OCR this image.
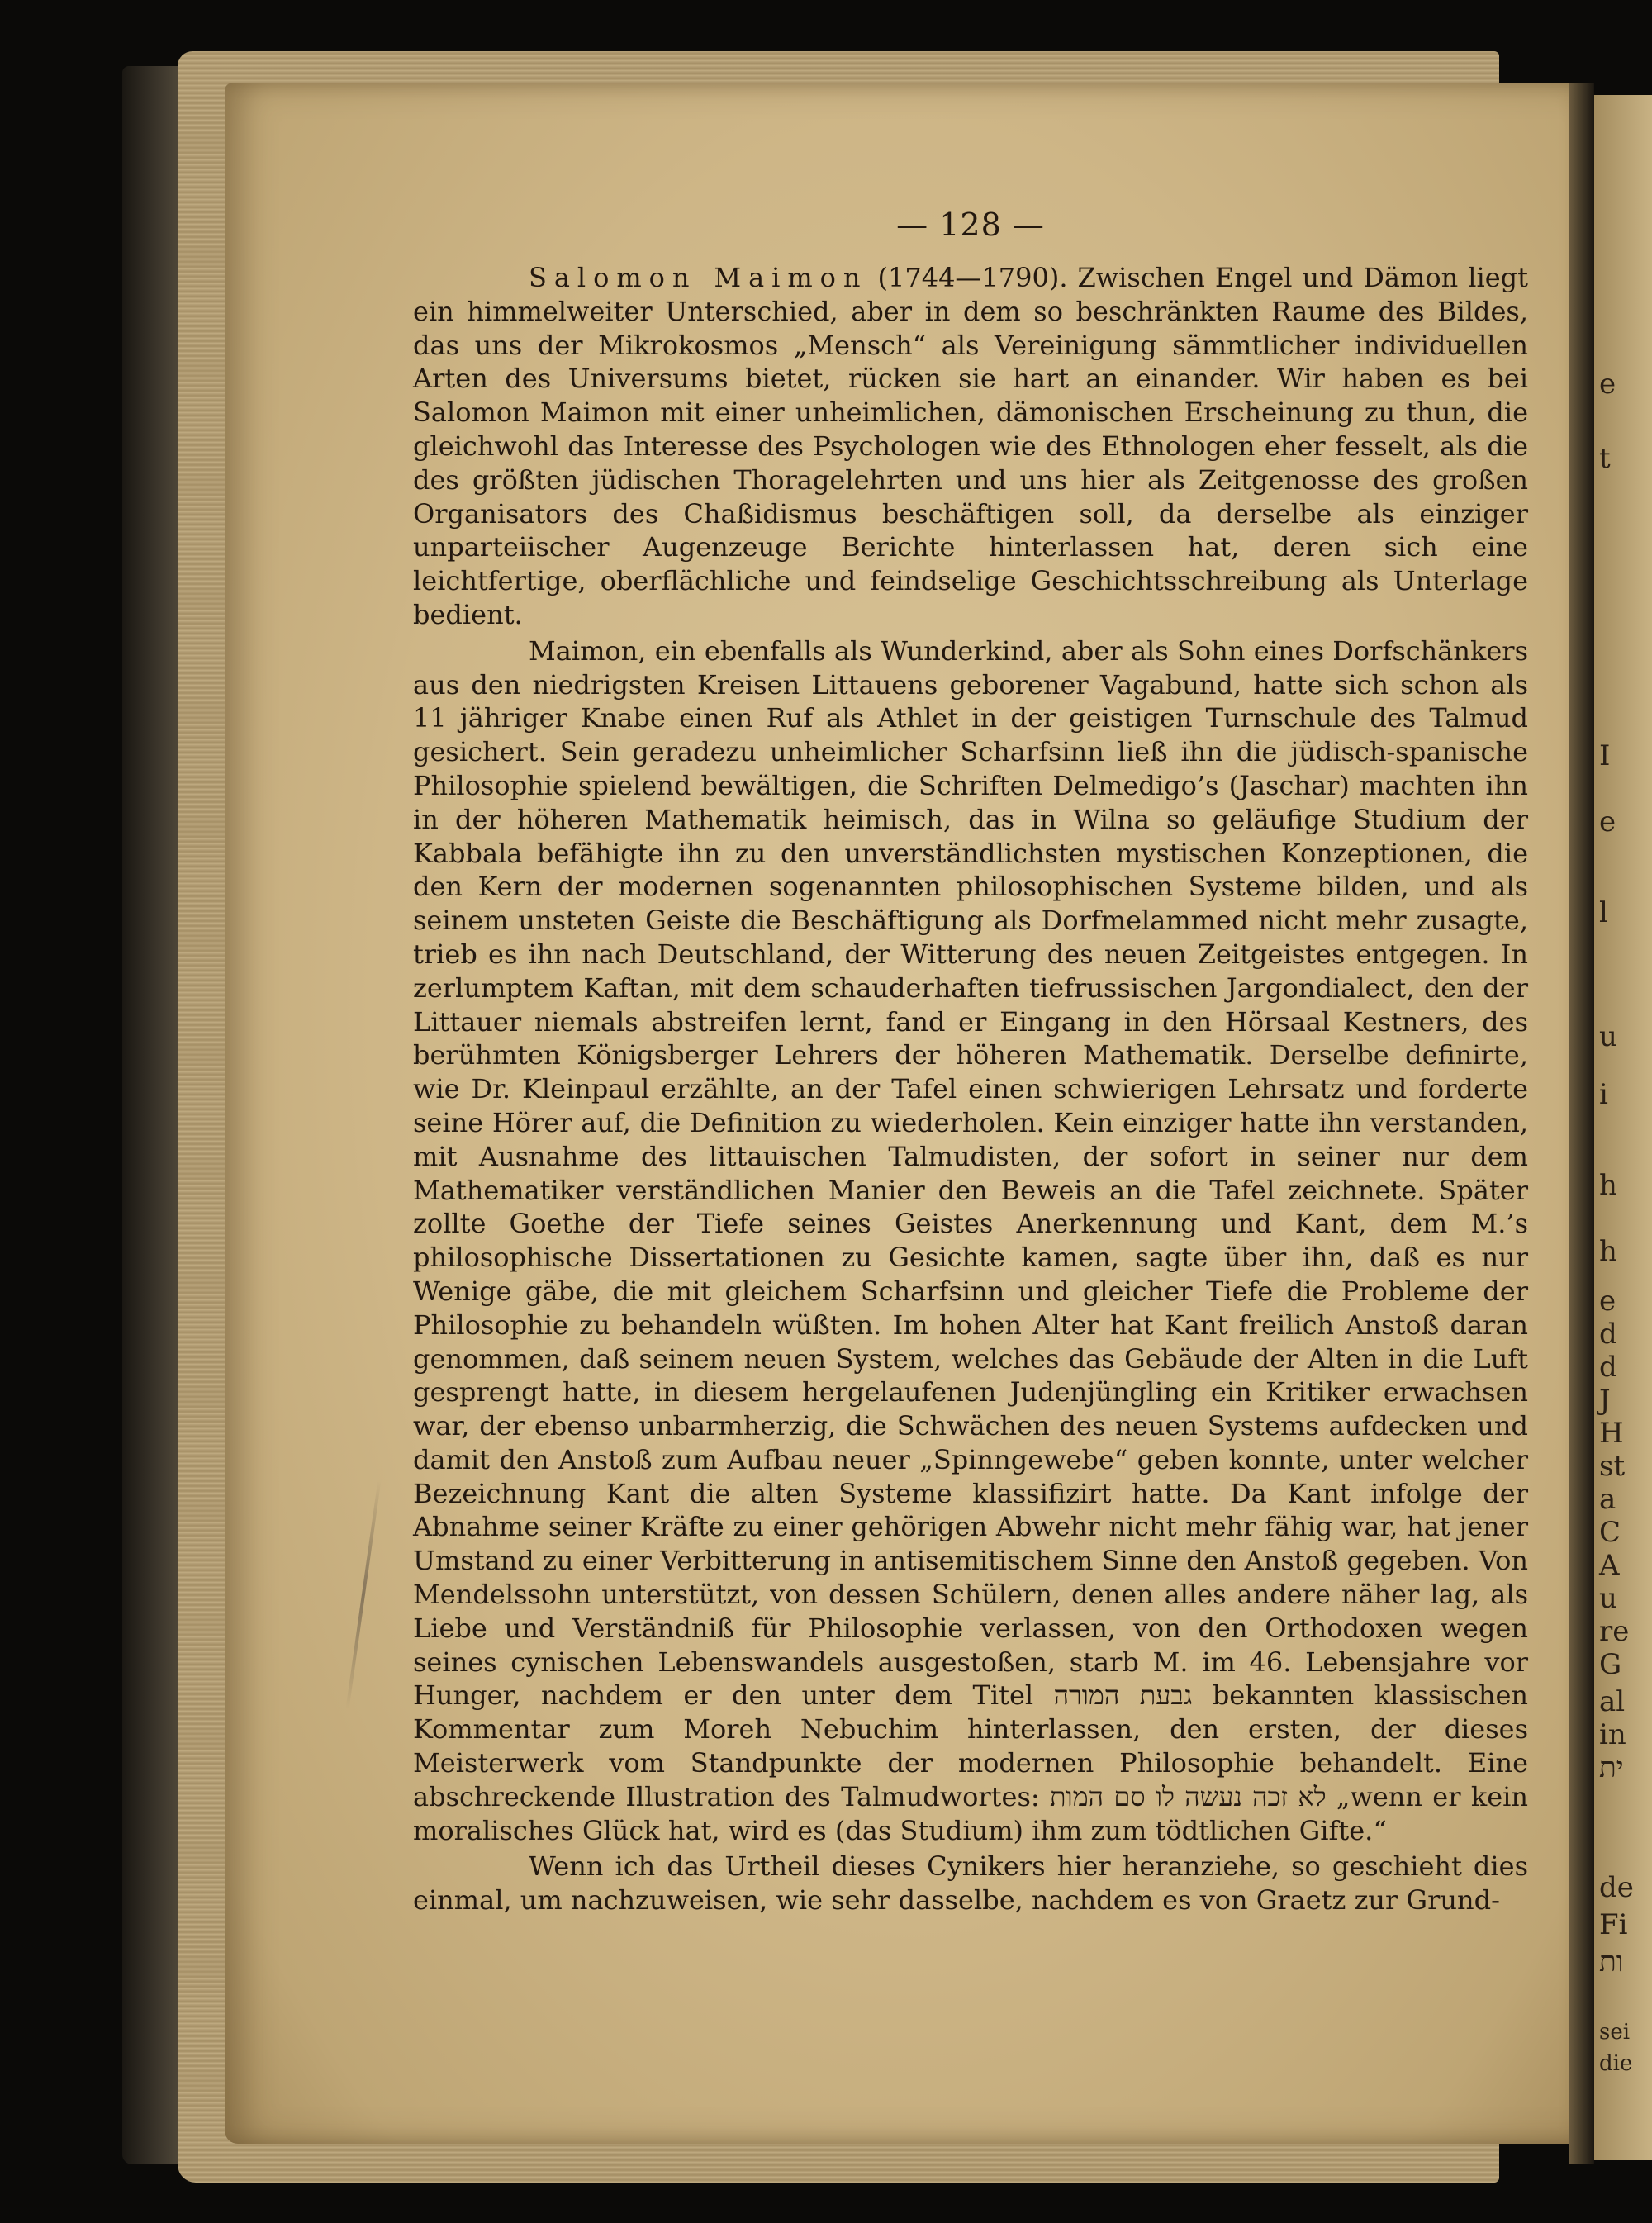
e
t
I
e
l
u
i
h
h
e
d
d
J
H
st
a
C
A
u
re
G
al
in
ית
de
Fi
ות
sei
die
— 128 —

Salomon Maimon (1744—1790). Zwischen Engel und Dämon liegt ein himmelweiter Unterschied, aber in dem so beschränkten Raume des Bildes, das uns der Mikrokosmos „Mensch“ als Vereinigung sämmtlicher individuellen Arten des Universums bietet, rücken sie hart an einander. Wir haben es bei Salomon Maimon mit einer unheimlichen, dämonischen Erscheinung zu thun, die gleichwohl das Interesse des Psychologen wie des Ethnologen eher fesselt, als die des größten jüdischen Thoragelehrten und uns hier als Zeitgenosse des großen Organisators des Chaßidismus beschäftigen soll, da derselbe als einziger unparteiischer Augenzeuge Berichte hinterlassen hat, deren sich eine leichtfertige, oberflächliche und feindselige Geschichtsschreibung als Unterlage bedient.

Maimon, ein ebenfalls als Wunderkind, aber als Sohn eines Dorfschänkers aus den niedrigsten Kreisen Littauens geborener Vagabund, hatte sich schon als 11 jähriger Knabe einen Ruf als Athlet in der geistigen Turnschule des Talmud gesichert. Sein geradezu unheimlicher Scharfsinn ließ ihn die jüdisch-spanische Philosophie spielend bewältigen, die Schriften Delmedigo’s (Jaschar) machten ihn in der höheren Mathematik heimisch, das in Wilna so geläufige Studium der Kabbala befähigte ihn zu den unverständlichsten mystischen Konzeptionen, die den Kern der modernen sogenannten philosophischen Systeme bilden, und als seinem unsteten Geiste die Beschäftigung als Dorfmelammed nicht mehr zusagte, trieb es ihn nach Deutschland, der Witterung des neuen Zeitgeistes entgegen. In zerlumptem Kaftan, mit dem schauderhaften tiefrussischen Jargondialect, den der Littauer niemals abstreifen lernt, fand er Eingang in den Hörsaal Kestners, des berühmten Königsberger Lehrers der höheren Mathematik. Derselbe definirte, wie Dr. Kleinpaul erzählte, an der Tafel einen schwierigen Lehrsatz und forderte seine Hörer auf, die Definition zu wiederholen. Kein einziger hatte ihn verstanden, mit Ausnahme des littauischen Talmudisten, der sofort in seiner nur dem Mathematiker verständlichen Manier den Beweis an die Tafel zeichnete. Später zollte Goethe der Tiefe seines Geistes Anerkennung und Kant, dem M.’s philosophische Dissertationen zu Gesichte kamen, sagte über ihn, daß es nur Wenige gäbe, die mit gleichem Scharfsinn und gleicher Tiefe die Probleme der Philosophie zu behandeln wüßten. Im hohen Alter hat Kant freilich Anstoß daran genommen, daß seinem neuen System, welches das Gebäude der Alten in die Luft gesprengt hatte, in diesem hergelaufenen Judenjüngling ein Kritiker erwachsen war, der ebenso unbarmherzig, die Schwächen des neuen Systems aufdecken und damit den Anstoß zum Aufbau neuer „Spinngewebe“ geben konnte, unter welcher Bezeichnung Kant die alten Systeme klassifizirt hatte. Da Kant infolge der Abnahme seiner Kräfte zu einer gehörigen Abwehr nicht mehr fähig war, hat jener Umstand zu einer Verbitterung in antisemitischem Sinne den Anstoß gegeben. Von Mendelssohn unterstützt, von dessen Schülern, denen alles andere näher lag, als Liebe und Verständniß für Philosophie verlassen, von den Orthodoxen wegen seines cynischen Lebenswandels ausgestoßen, starb M. im 46. Lebensjahre vor Hunger, nachdem er den unter dem Titel גבעת המורה bekannten klassischen Kommentar zum Moreh Nebuchim hinterlassen, den ersten, der dieses Meisterwerk vom Standpunkte der modernen Philosophie behandelt. Eine abschreckende Illustration des Talmudwortes: לא זכה נעשה לו סם המות „wenn er kein moralisches Glück hat, wird es (das Studium) ihm zum tödtlichen Gifte.“

Wenn ich das Urtheil dieses Cynikers hier heranziehe, so geschieht dies einmal, um nachzuweisen, wie sehr dasselbe, nachdem es von Graetz zur Grund-
